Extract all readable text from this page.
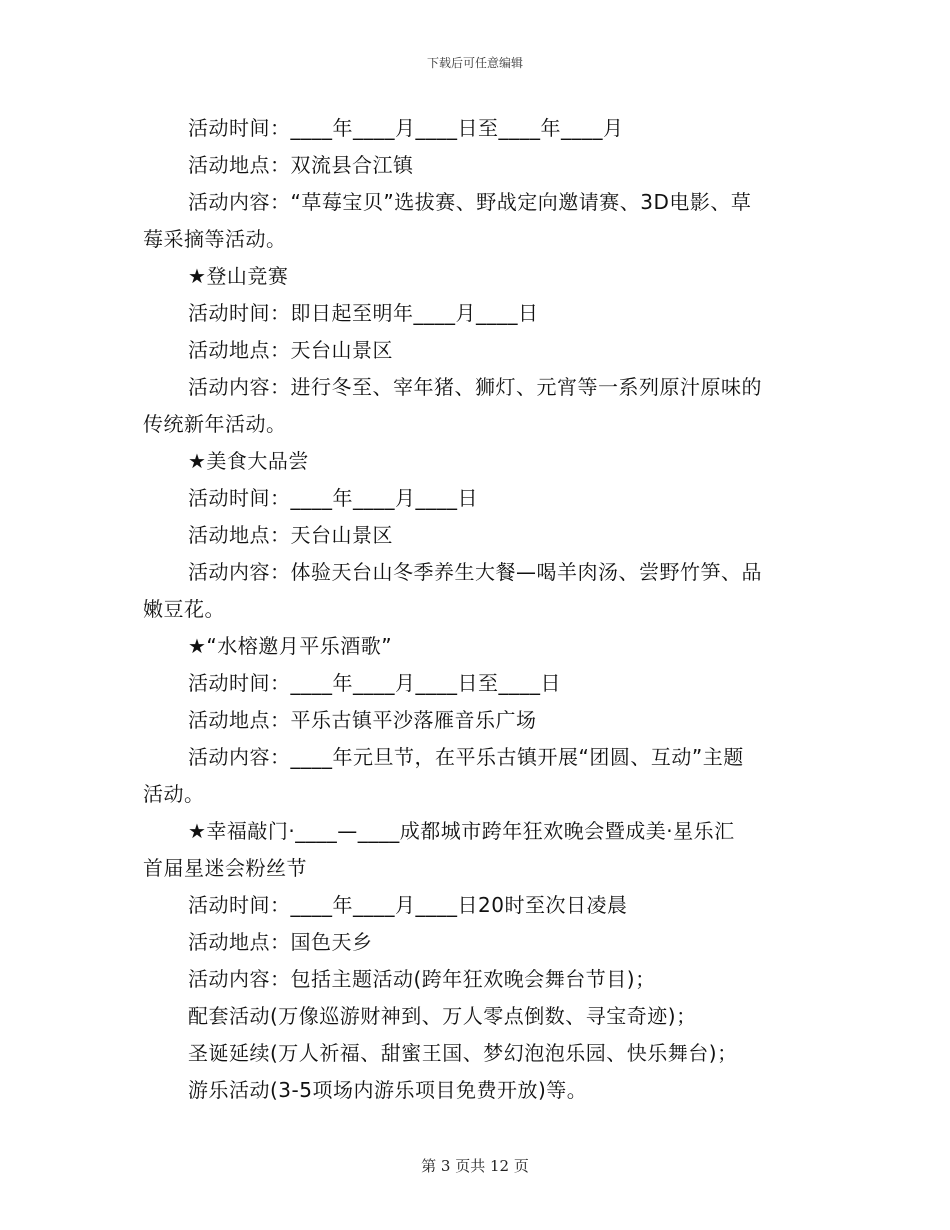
下载后可任意编辑
活动时间：____年____月____日至____年____月
活动地点：双流县合江镇
活动内容：“草莓宝贝”选拔赛、野战定向邀请赛、3D电影、草
莓采摘等活动。
★登山竞赛
活动时间：即日起至明年____月____日
活动地点：天台山景区
活动内容：进行冬至、宰年猪、狮灯、元宵等一系列原汁原味的
传统新年活动。
★美食大品尝
活动时间：____年____月____日
活动地点：天台山景区
活动内容：体验天台山冬季养生大餐—喝羊肉汤、尝野竹笋、品
嫩豆花。
★“水榕邀月平乐酒歌”
活动时间：____年____月____日至____日
活动地点：平乐古镇平沙落雁音乐广场
活动内容：____年元旦节，在平乐古镇开展“团圆、互动”主题
活动。
★幸福敲门·____—____成都城市跨年狂欢晚会暨成美·星乐汇
首届星迷会粉丝节
活动时间：____年____月____日20时至次日凌晨
活动地点：国色天乡
活动内容：包括主题活动(跨年狂欢晚会舞台节目)；
配套活动(万像巡游财神到、万人零点倒数、寻宝奇迹)；
圣诞延续(万人祈福、甜蜜王国、梦幻泡泡乐园、快乐舞台)；
游乐活动(3-5项场内游乐项目免费开放)等。
第 3 页共 12 页
